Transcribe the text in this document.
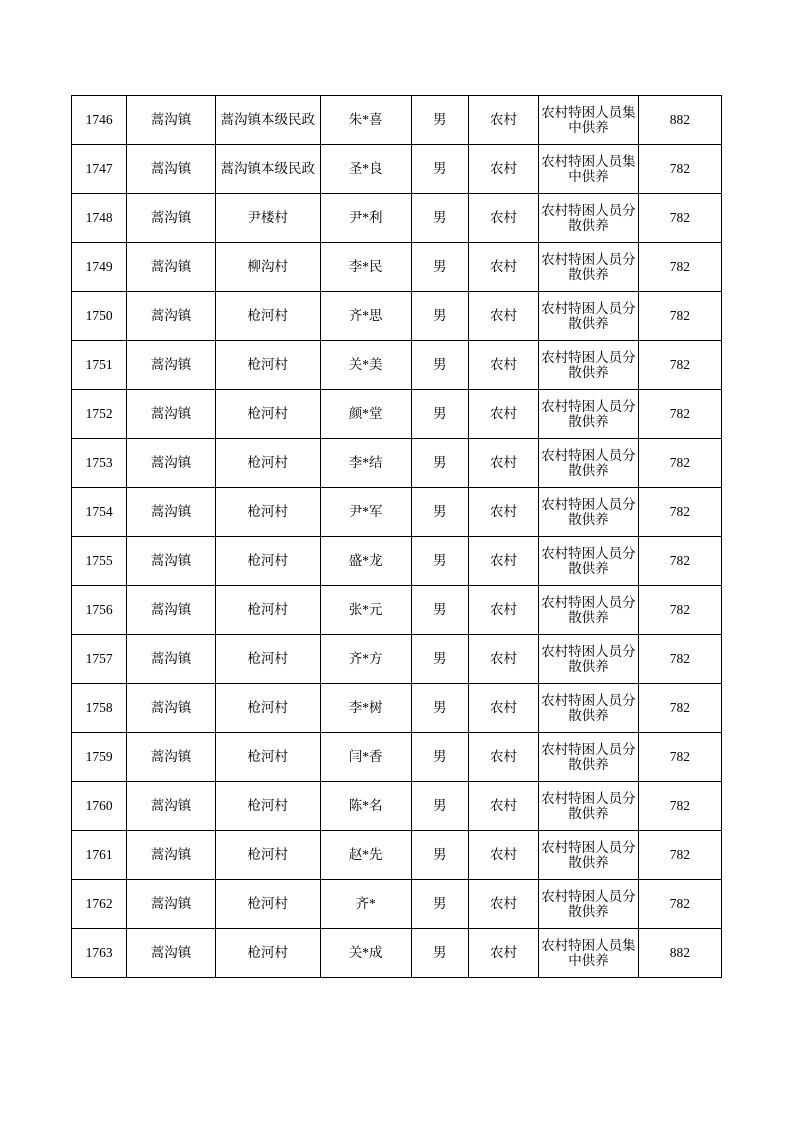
1746	蒿沟镇	蒿沟镇本级民政	朱*喜	男	农村	农村特困人员集中供养	882
1747	蒿沟镇	蒿沟镇本级民政	圣*良	男	农村	农村特困人员集中供养	782
1748	蒿沟镇	尹楼村	尹*利	男	农村	农村特困人员分散供养	782
1749	蒿沟镇	柳沟村	李*民	男	农村	农村特困人员分散供养	782
1750	蒿沟镇	枪河村	齐*思	男	农村	农村特困人员分散供养	782
1751	蒿沟镇	枪河村	关*美	男	农村	农村特困人员分散供养	782
1752	蒿沟镇	枪河村	颜*堂	男	农村	农村特困人员分散供养	782
1753	蒿沟镇	枪河村	李*结	男	农村	农村特困人员分散供养	782
1754	蒿沟镇	枪河村	尹*军	男	农村	农村特困人员分散供养	782
1755	蒿沟镇	枪河村	盛*龙	男	农村	农村特困人员分散供养	782
1756	蒿沟镇	枪河村	张*元	男	农村	农村特困人员分散供养	782
1757	蒿沟镇	枪河村	齐*方	男	农村	农村特困人员分散供养	782
1758	蒿沟镇	枪河村	李*树	男	农村	农村特困人员分散供养	782
1759	蒿沟镇	枪河村	闫*香	男	农村	农村特困人员分散供养	782
1760	蒿沟镇	枪河村	陈*名	男	农村	农村特困人员分散供养	782
1761	蒿沟镇	枪河村	赵*先	男	农村	农村特困人员分散供养	782
1762	蒿沟镇	枪河村	齐*	男	农村	农村特困人员分散供养	782
1763	蒿沟镇	枪河村	关*成	男	农村	农村特困人员集中供养	882
